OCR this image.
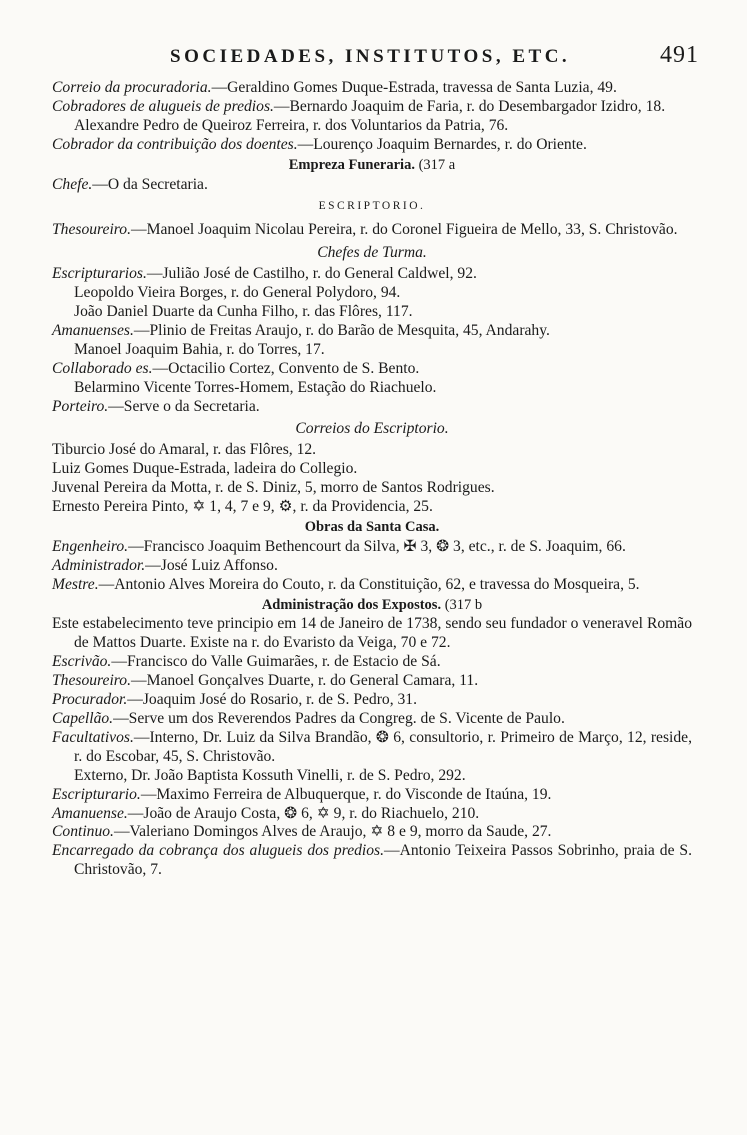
SOCIEDADES, INSTITUTOS, ETC.	491

Correio da procuradoria.—Geraldino Gomes Duque-Estrada, travessa de Santa Luzia, 49.

Cobradores de alugueis de predios.—Bernardo Joaquim de Faria, r. do Desembargador Izidro, 18.

Alexandre Pedro de Queiroz Ferreira, r. dos Voluntarios da Patria, 76.

Cobrador da contribuição dos doentes.—Lourenço Joaquim Bernardes, r. do Oriente.

Empreza Funeraria. (317 a

Chefe.—O da Secretaria.

ESCRIPTORIO.

Thesoureiro.—Manoel Joaquim Nicolau Pereira, r. do Coronel Figueira de Mello, 33, S. Christovão.

Chefes de Turma.

Escripturarios.—Julião José de Castilho, r. do General Caldwel, 92.

Leopoldo Vieira Borges, r. do General Polydoro, 94.

João Daniel Duarte da Cunha Filho, r. das Flôres, 117.

Amanuenses.—Plinio de Freitas Araujo, r. do Barão de Mesquita, 45, Andarahy.

Manoel Joaquim Bahia, r. do Torres, 17.

Collaborado es.—Octacilio Cortez, Convento de S. Bento.

Belarmino Vicente Torres-Homem, Estação do Riachuelo.

Porteiro.—Serve o da Secretaria.

Correios do Escriptorio.

Tiburcio José do Amaral, r. das Flôres, 12.

Luiz Gomes Duque-Estrada, ladeira do Collegio.

Juvenal Pereira da Motta, r. de S. Diniz, 5, morro de Santos Rodrigues.

Ernesto Pereira Pinto, ✡ 1, 4, 7 e 9, ⚙, r. da Providencia, 25.

Obras da Santa Casa.

Engenheiro.—Francisco Joaquim Bethencourt da Silva, ✠ 3, ❂ 3, etc., r. de S. Joaquim, 66.

Administrador.—José Luiz Affonso.

Mestre.—Antonio Alves Moreira do Couto, r. da Constituição, 62, e travessa do Mosqueira, 5.

Administração dos Expostos. (317 b

Este estabelecimento teve principio em 14 de Janeiro de 1738, sendo seu fundador o veneravel Romão de Mattos Duarte. Existe na r. do Evaristo da Veiga, 70 e 72.

Escrivão.—Francisco do Valle Guimarães, r. de Estacio de Sá.

Thesoureiro.—Manoel Gonçalves Duarte, r. do General Camara, 11.

Procurador.—Joaquim José do Rosario, r. de S. Pedro, 31.

Capellão.—Serve um dos Reverendos Padres da Congreg. de S. Vicente de Paulo.

Facultativos.—Interno, Dr. Luiz da Silva Brandão, ❂ 6, consultorio, r. Primeiro de Março, 12, reside, r. do Escobar, 45, S. Christovão.

Externo, Dr. João Baptista Kossuth Vinelli, r. de S. Pedro, 292.

Escripturario.—Maximo Ferreira de Albuquerque, r. do Visconde de Itaúna, 19.

Amanuense.—João de Araujo Costa, ❂ 6, ✡ 9, r. do Riachuelo, 210.

Continuo.—Valeriano Domingos Alves de Araujo, ✡ 8 e 9, morro da Saude, 27.

Encarregado da cobrança dos alugueis dos predios.—Antonio Teixeira Passos Sobrinho, praia de S. Christovão, 7.
